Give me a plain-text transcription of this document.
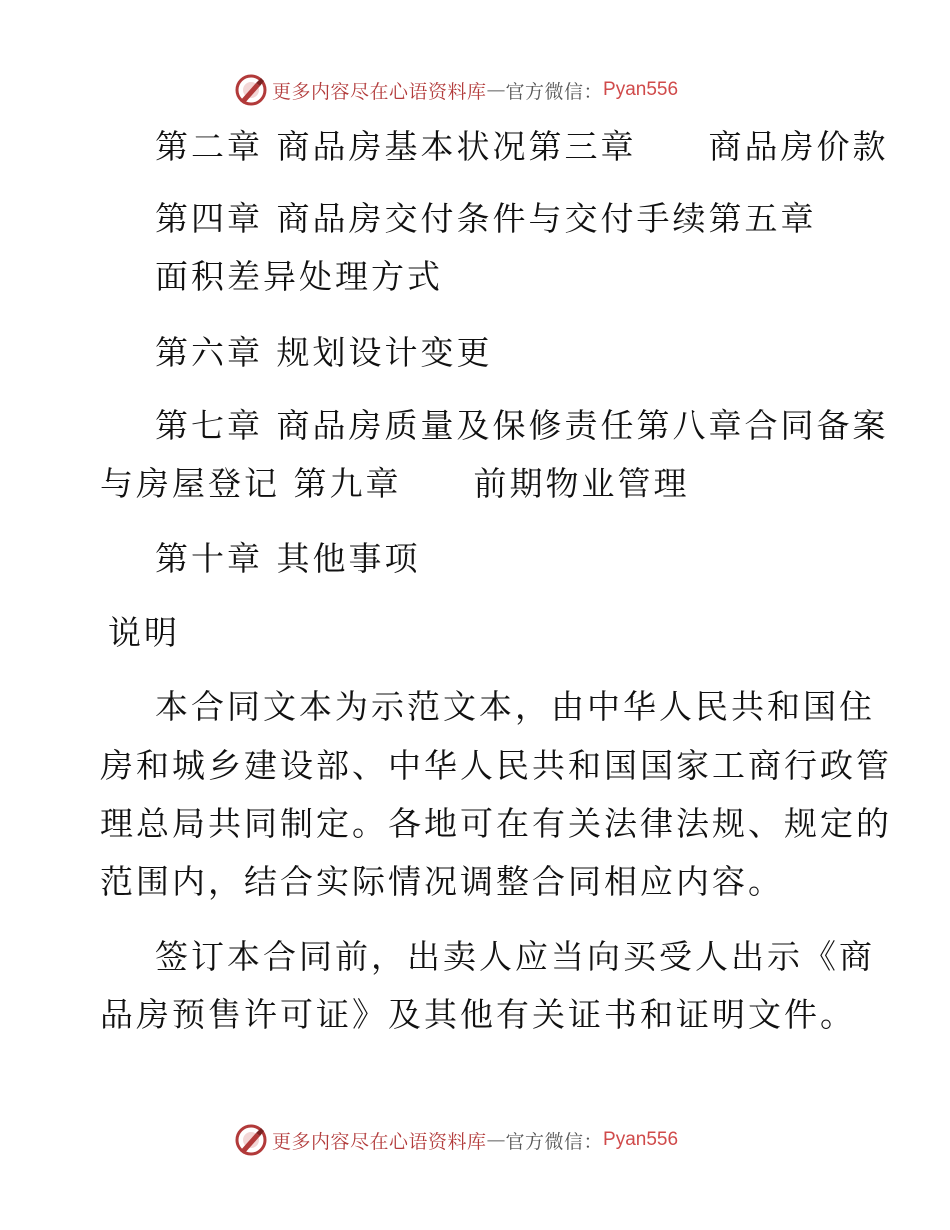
更多内容尽在心语资料库 — 官方微信： Pyan556
第二章 商品房基本状况第三章　　商品房价款
第四章 商品房交付条件与交付手续第五章
面积差异处理方式
第六章 规划设计变更
第七章 商品房质量及保修责任第八章合同备案
与房屋登记 第九章　　前期物业管理
第十章 其他事项
说明
本合同文本为示范文本，由中华人民共和国住
房和城乡建设部、中华人民共和国国家工商行政管
理总局共同制定。各地可在有关法律法规、规定的
范围内，结合实际情况调整合同相应内容。
签订本合同前，出卖人应当向买受人出示《商
品房预售许可证》及其他有关证书和证明文件。
更多内容尽在心语资料库 — 官方微信： Pyan556
